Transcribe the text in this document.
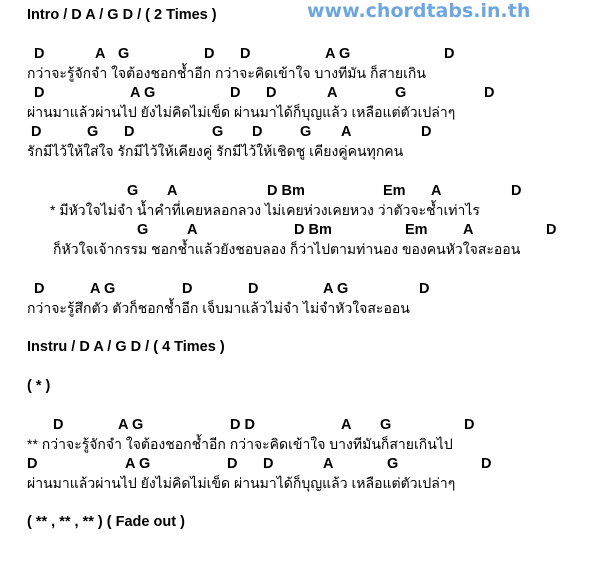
Intro / D A / G D / ( 2 Times )	www.chordtabs.in.th
D	A G	D D	A G	D
กว่าจะรู้จักจำ ใจต้องชอกช้ำอีก กว่าจะคิดเข้าใจ บางทีมัน ก็สายเกิน
D	A G	D D	A	G	D
ผ่านมาแล้วผ่านไป ยังไม่คิดไม่เข็ด ผ่านมาได้ก็บุญแล้ว เหลือแต่ตัวเปล่าๆ
D	G D	G D	G A	D
รักมีไว้ให้ใส่ใจ รักมีไว้ให้เคียงคู่ รักมีไว้ให้เชิดชู เคียงคู่คนทุกคน
G A	D Bm	Em A	D
* มีหัวใจไม่จำ น้ำคำที่เคยหลอกลวง ไม่เคยห่วงเคยหวง ว่าตัวจะช้ำเท่าไร
G	A	D Bm	Em A	D
ก็หัวใจเจ้ากรรม ชอกช้ำแล้วยังชอบลอง ก็ว่าไปตามท่านอง ของคนหัวใจสะออน
D	A G	D	D	A G	D
กว่าจะรู้สึกตัว ตัวก็ชอกช้ำอีก เจ็บมาแล้วไม่จำ ไม่จำหัวใจสะออน
Instru / D A / G D / ( 4 Times )
( * )
D	A G	D D	A G	D
** กว่าจะรู้จักจำ ใจต้องชอกช้ำอีก กว่าจะคิดเข้าใจ บางทีมันก็สายเกินไป
D	A G	D D	A	G	D
ผ่านมาแล้วผ่านไป ยังไม่คิดไม่เข็ด ผ่านมาได้ก็บุญแล้ว เหลือแต่ตัวเปล่าๆ
( ** , ** , ** ) ( Fade out )
